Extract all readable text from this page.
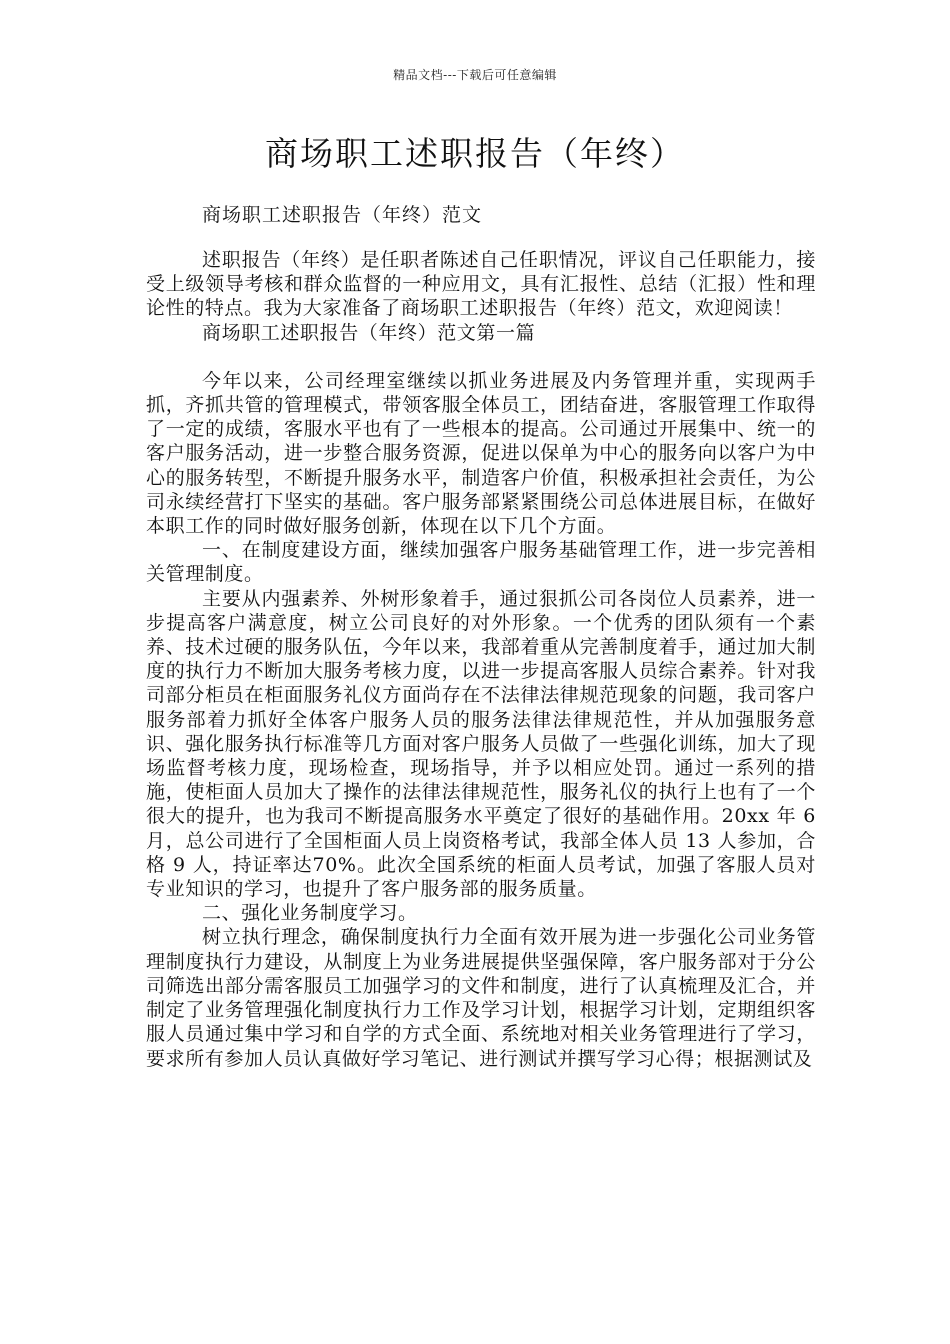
精品文档---下载后可任意编辑
商场职工述职报告（年终）
商场职工述职报告（年终）范文

述职报告（年终）是任职者陈述自己任职情况，评议自己任职能力，接受上级领导考核和群众监督的一种应用文，具有汇报性、总结（汇报）性和理论性的特点。我为大家准备了商场职工述职报告（年终）范文，欢迎阅读！

商场职工述职报告（年终）范文第一篇

今年以来，公司经理室继续以抓业务进展及内务管理并重，实现两手抓，齐抓共管的管理模式，带领客服全体员工，团结奋进，客服管理工作取得了一定的成绩，客服水平也有了一些根本的提高。公司通过开展集中、统一的客户服务活动，进一步整合服务资源，促进以保单为中心的服务向以客户为中心的服务转型，不断提升服务水平，制造客户价值，积极承担社会责任，为公司永续经营打下坚实的基础。客户服务部紧紧围绕公司总体进展目标，在做好本职工作的同时做好服务创新，体现在以下几个方面。

一、在制度建设方面，继续加强客户服务基础管理工作，进一步完善相关管理制度。

主要从内强素养、外树形象着手，通过狠抓公司各岗位人员素养，进一步提高客户满意度，树立公司良好的对外形象。一个优秀的团队须有一个素养、技术过硬的服务队伍，今年以来，我部着重从完善制度着手，通过加大制度的执行力不断加大服务考核力度，以进一步提高客服人员综合素养。针对我司部分柜员在柜面服务礼仪方面尚存在不法律法律规范现象的问题，我司客户服务部着力抓好全体客户服务人员的服务法律法律规范性，并从加强服务意识、强化服务执行标准等几方面对客户服务人员做了一些强化训练，加大了现场监督考核力度，现场检查，现场指导，并予以相应处罚。通过一系列的措施，使柜面人员加大了操作的法律法律规范性，服务礼仪的执行上也有了一个很大的提升，也为我司不断提高服务水平奠定了很好的基础作用。20xx 年 6 月，总公司进行了全国柜面人员上岗资格考试，我部全体人员 13 人参加，合格 9 人，持证率达70%。此次全国系统的柜面人员考试，加强了客服人员对专业知识的学习，也提升了客户服务部的服务质量。

二、强化业务制度学习。

树立执行理念，确保制度执行力全面有效开展为进一步强化公司业务管理制度执行力建设，从制度上为业务进展提供坚强保障，客户服务部对于分公司筛选出部分需客服员工加强学习的文件和制度，进行了认真梳理及汇合，并制定了业务管理强化制度执行力工作及学习计划，根据学习计划，定期组织客服人员通过集中学习和自学的方式全面、系统地对相关业务管理进行了学习，要求所有参加人员认真做好学习笔记、进行测试并撰写学习心得；根据测试及
